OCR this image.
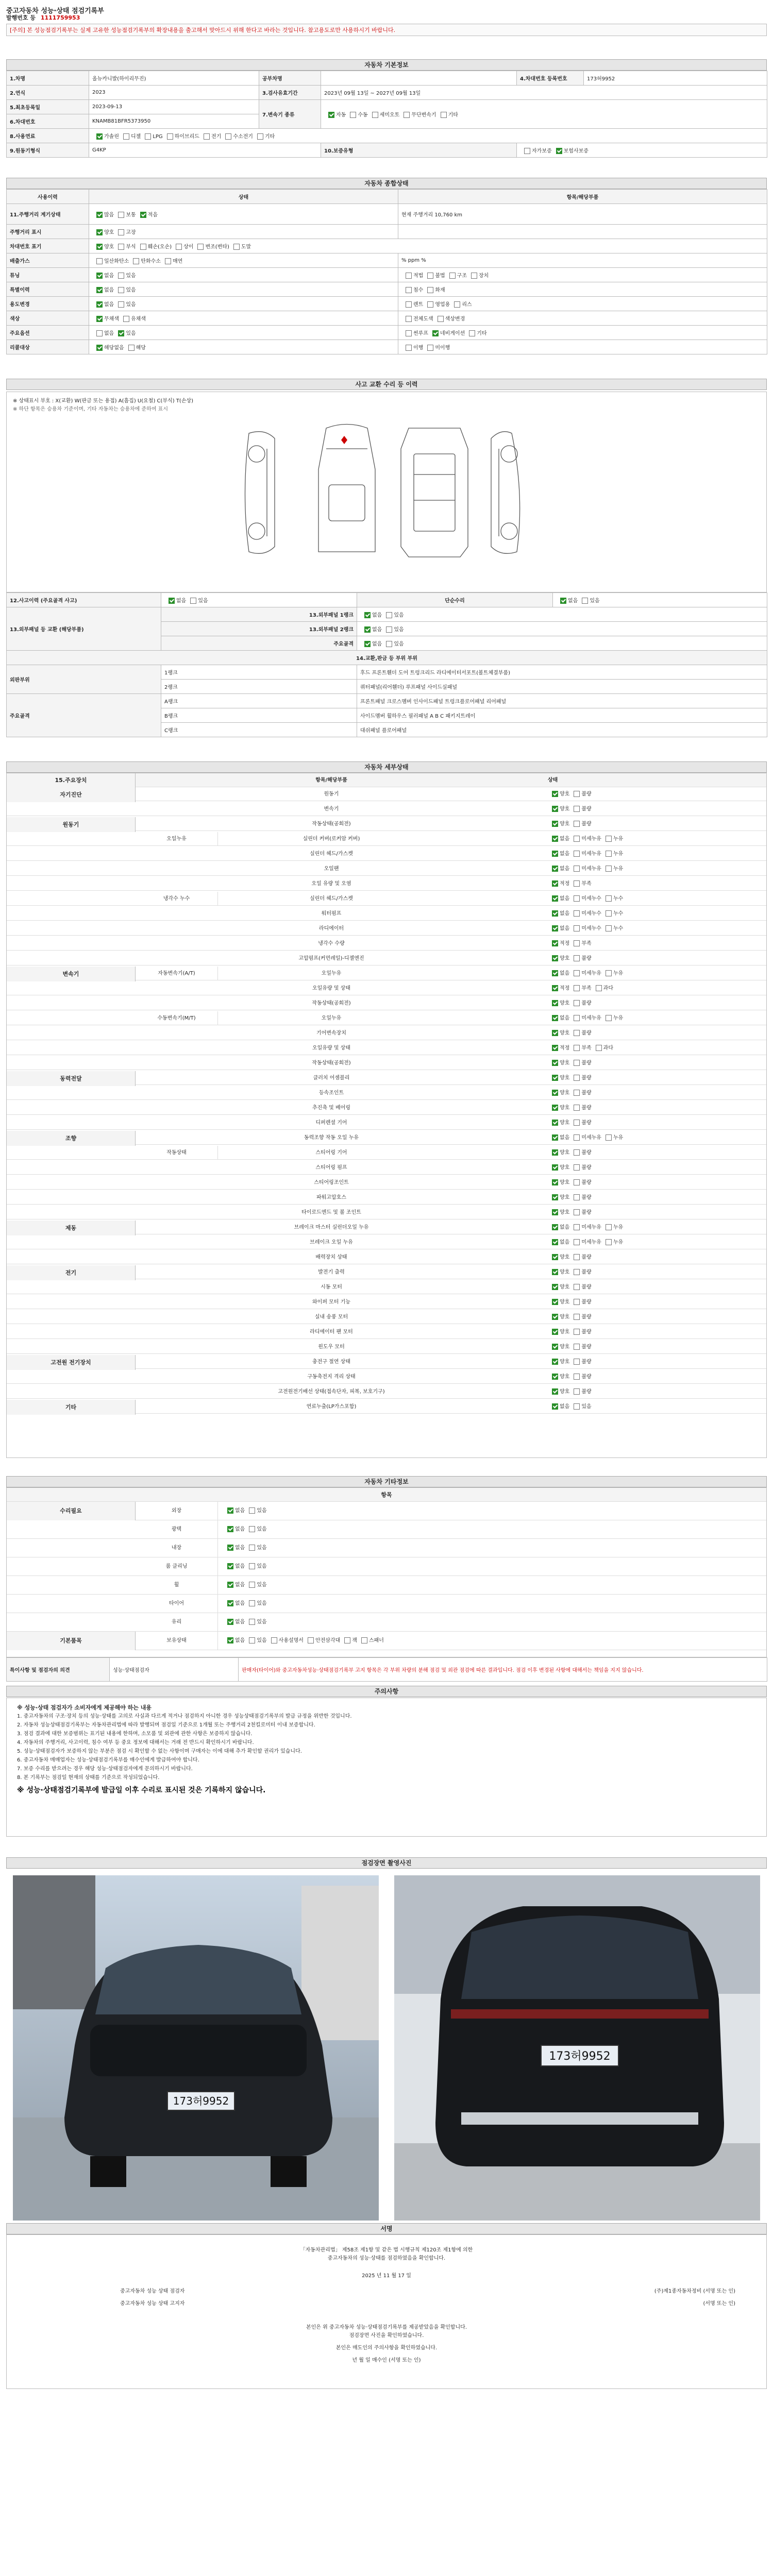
중고자동차 성능·상태 점검기록부
발행번호 등 1111759953
[주의] 본 성능점검기록부는 실제 고유한 성능점검기록부의 확장내용을 출고해서 맞아드시 위해 한다고 바라는 것입니다. 참고용도로만 사용하시기 바랍니다.
자동차 기본정보
1.차명	올뉴카니발(하이리무진)	공부차명		4.차대번호 등록번호	173허9952
2.연식	2023	3.검사유효기간	2023년 09월 13일 ~ 2027년 09월 13일		
5.최초등록일	2023-09-13	7.변속기 종류	자동 수동 세미오토 무단변속기 기타		
6.차대번호	KNAMB81BFR5373950				
8.사용연료	가솔린 디젤 LPG 하이브리드 전기 수소전기 기타				
9.원동기형식	G4KP		10.보증유형	자가보증 보험사보증	
자동차 종합상태
사용이력	상태	항목/해당부품
11.주행거리 계기상태	많음 보통 적음	현재 주행거리 10,760 km
주행거리 표시	양호 고장	
차대번호 표기	양호 부식 훼손(오손) 상이 변조(변타) 도말	
배출가스	일산화탄소 탄화수소 매연	% ppm %
튜닝	없음 있음	적법 불법 구조 장치
특별이력	없음 있음	침수 화재
용도변경	없음 있음	렌트 영업용 리스
색상	무채색 유채색	전체도색 색상변경
주요옵션	없음 있음	썬루프 네비게이션 기타
리콜대상	해당없음 해당	이행 미이행
사고 교환 수리 등 이력
※ 상태표시 부호 : X(교환) W(판금 또는 용접) A(흠집) U(요철) C(부식) T(손상)
※ 하단 항목은 승용차 기준이며, 기타 자동차는 승용차에 준하여 표시
12.사고이력 (주요골격 사고)	없음 있음	단순수리	없음 있음
13.외부패널 등 교환 (해당부품)	13.외부패널 1랭크	없음 있음	
	13.외부패널 2랭크	없음 있음	
	주요골격	없음 있음	
14.교환,판금 등 부위 부위			
외판부위	1랭크	후드 프론트휀더 도어 트렁크리드 라디에이터서포트(볼트체결부품)	
	2랭크	쿼터패널(리어휀더) 루프패널 사이드실패널	
주요골격	A랭크	프론트패널 크로스멤버 인사이드패널 트렁크플로어패널 리어패널	
	B랭크	사이드멤버 휠하우스 필러패널 A B C 패키지트레이	
	C랭크	대쉬패널 플로어패널	
자동차 세부상태
15.주요장치	항목/해당부품	상태
자기진단	원동기	양호 불량
변속기	양호 불량
원동기	작동상태(공회전)	양호 불량
오일누유	실린더 커버(로커암 커버)	없음 미세누유 누유
실린더 헤드/가스켓	없음 미세누유 누유
오일팬	없음 미세누유 누유
오일 유량 및 오염	적정 부족
냉각수 누수	실린더 헤드/가스켓	없음 미세누수 누수
워터펌프	없음 미세누수 누수
라디에이터	없음 미세누수 누수
냉각수 수량	적정 부족
고압펌프(커먼레일)-디젤엔진	양호 불량
변속기	자동변속기(A/T)	오일누유	없음 미세누유 누유
오일유량 및 상태	적정 부족 과다
작동상태(공회전)	양호 불량
수동변속기(M/T)	오일누유	없음 미세누유 누유
기어변속장치	양호 불량
오일유량 및 상태	적정 부족 과다
작동상태(공회전)	양호 불량
동력전달	클러치 어셈블리	양호 불량
등속조인트	양호 불량
추진축 및 베어링	양호 불량
디퍼렌셜 기어	양호 불량
조향	동력조향 작동 오일 누유	없음 미세누유 누유
작동상태	스티어링 기어	양호 불량
스티어링 펌프	양호 불량
스티어링조인트	양호 불량
파워고압호스	양호 불량
타이로드엔드 및 볼 조인트	양호 불량
제동	브레이크 마스터 실린더오일 누유	없음 미세누유 누유
브레이크 오일 누유	없음 미세누유 누유
배력장치 상태	양호 불량
전기	발전기 출력	양호 불량
시동 모터	양호 불량
와이퍼 모터 기능	양호 불량
실내 송풍 모터	양호 불량
라디에이터 팬 모터	양호 불량
윈도우 모터	양호 불량
고전원 전기장치	충전구 절연 상태	양호 불량
구동축전지 격리 상태	양호 불량
고전원전기배선 상태(접속단자, 피복, 보호기구)	양호 불량
기타	연료누출(LP가스포함)	없음 있음
자동차 기타정보
항목
수리필요	외장	없음 있음
광택	없음 있음
내장	없음 있음
룸 클리닝	없음 있음
휠	없음 있음
타이어	없음 있음
유리	없음 있음
기본품목	보유상태	없음 있음 사용설명서 안전삼각대 잭 스패너
특이사항 및 점검자의 의견	성능·상태점검자	판매자(타이어)와 중고자동차성능·상태점검기록부 고지 항목은 각 부위 차량의 분해 점검 및 외관 점검에 따른 결과입니다. 점검 이후 변경된 사항에 대해서는 책임을 지지 않습니다.
주의사항

※ 성능·상태 점검자가 소비자에게 제공해야 하는 내용

1. 중고자동차의 구조·장치 등의 성능·상태를 고의로 사실과 다르게 적거나 점검하지 아니한 경우 성능상태점검기록부의 발급 규정을 위반한 것입니다.

2. 자동차 성능상태점검기록부는 자동차관리법에 따라 발행되며 점검일 기준으로 1개월 또는 주행거리 2천킬로미터 이내 보증합니다.

3. 점검 결과에 대한 보증범위는 표기된 내용에 한하며, 소모품 및 외관에 관한 사항은 보증하지 않습니다.

4. 자동차의 주행거리, 사고이력, 침수 여부 등 중요 정보에 대해서는 거래 전 반드시 확인하시기 바랍니다.

5. 성능·상태점검자가 보증하지 않는 부분은 점검 시 확인할 수 없는 사항이며 구매자는 이에 대해 추가 확인할 권리가 있습니다.

6. 중고자동차 매매업자는 성능·상태점검기록부를 매수인에게 발급하여야 합니다.

7. 보증 수리를 받으려는 경우 해당 성능·상태점검자에게 문의하시기 바랍니다.

8. 본 기록부는 점검일 현재의 상태를 기준으로 작성되었습니다.

※ 성능·상태점검기록부에 발급일 이후 수리로 표시된 것은 기록하지 않습니다.

점검장면 촬영사진
173허9952
173허9952
서명
「자동차관리법」 제58조 제1항 및 같은 법 시행규칙 제120조 제1항에 의한
중고자동차의 성능·상태를 점검하였음을 확인합니다.
2025 년 11 월 17 일
중고자동차 성능 상태 점검자
중고자동차 성능 상태 고지자
(주)제1종자동차정비 (서명 또는 인)
(서명 또는 인)
본인은 위 중고자동차 성능·상태점검기록부를 제공받았음을 확인합니다.
점검장면 사진을 확인하였습니다.
본인은 매도인의 주의사항을 확인하였습니다.
년 월 일 매수인 (서명 또는 인)
